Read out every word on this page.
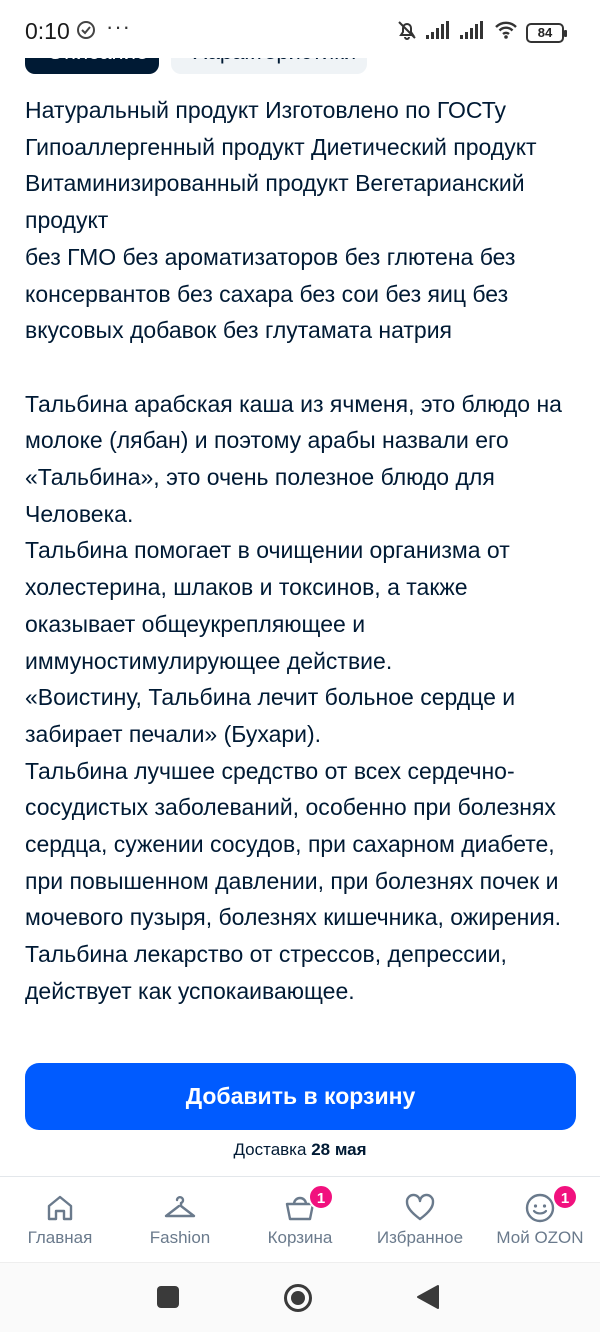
0:10 ···	84

Натуральный продукт Изготовлено по ГОСТу Гипоаллергенный продукт Диетический продукт Витаминизированный продукт Вегетарианский продукт

без ГМО без ароматизаторов без глютена без консервантов без сахара без сои без яиц без вкусовых добавок без глутамата натрия

Тальбина арабская каша из ячменя, это блюдо на молоке (лябан) и поэтому арабы назвали его «Тальбина», это очень полезное блюдо для Человека.

Тальбина помогает в очищении организма от холестерина, шлаков и токсинов, а также оказывает общеукрепляющее и иммуностимулирующее действие.

«Воистину, Тальбина лечит больное сердце и забирает печали» (Бухари).

Тальбина лучшее средство от всех сердечно-сосудистых заболеваний, особенно при болезнях сердца, сужении сосудов, при сахарном диабете, при повышенном давлении, при болезнях почек и мочевого пузыря, болезнях кишечника, ожирения.

Тальбина лекарство от стрессов, депрессии, действует как успокаивающее.

Добавить в корзину
Доставка 28 мая
Главная	Fashion	Корзина
1
Избранное	Мой OZON
1
